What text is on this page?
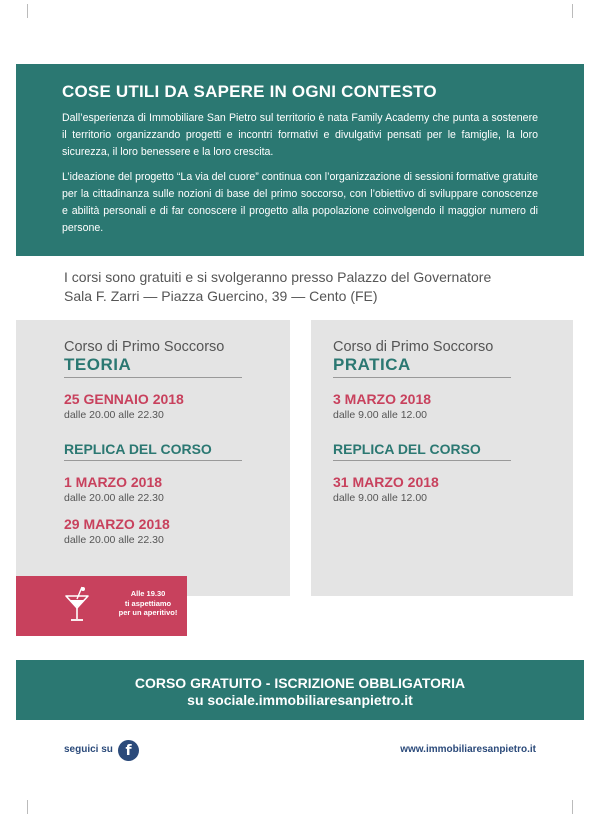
COSE UTILI DA SAPERE IN OGNI CONTESTO

Dall’esperienza di Immobiliare San Pietro sul territorio è nata Family Academy che punta a sostenere il territorio organizzando progetti e incontri formativi e divulgativi pensati per le famiglie, la loro sicurezza, il loro benessere e la loro crescita.

L’ideazione del progetto “La via del cuore” continua con l’organizzazione di sessioni formative gratuite per la cittadinanza sulle nozioni di base del primo soccorso, con l’obiettivo di sviluppare conoscenze e abilità personali e di far conoscere il progetto alla popolazione coinvolgendo il maggior numero di persone.

I corsi sono gratuiti e si svolgeranno presso Palazzo del Governatore
Sala F. Zarri — Piazza Guercino, 39 — Cento (FE)
Corso di Primo Soccorso
TEORIA
25 GENNAIO 2018
dalle 20.00 alle 22.30
REPLICA DEL CORSO
1 MARZO 2018
dalle 20.00 alle 22.30
29 MARZO 2018
dalle 20.00 alle 22.30
Corso di Primo Soccorso
PRATICA
3 MARZO 2018
dalle 9.00 alle 12.00
REPLICA DEL CORSO
31 MARZO 2018
dalle 9.00 alle 12.00
Alle 19.30
ti aspettiamo
per un aperitivo!
CORSO GRATUITO - ISCRIZIONE OBBLIGATORIA
su sociale.immobiliaresanpietro.it
seguici su f	www.immobiliaresanpietro.it
